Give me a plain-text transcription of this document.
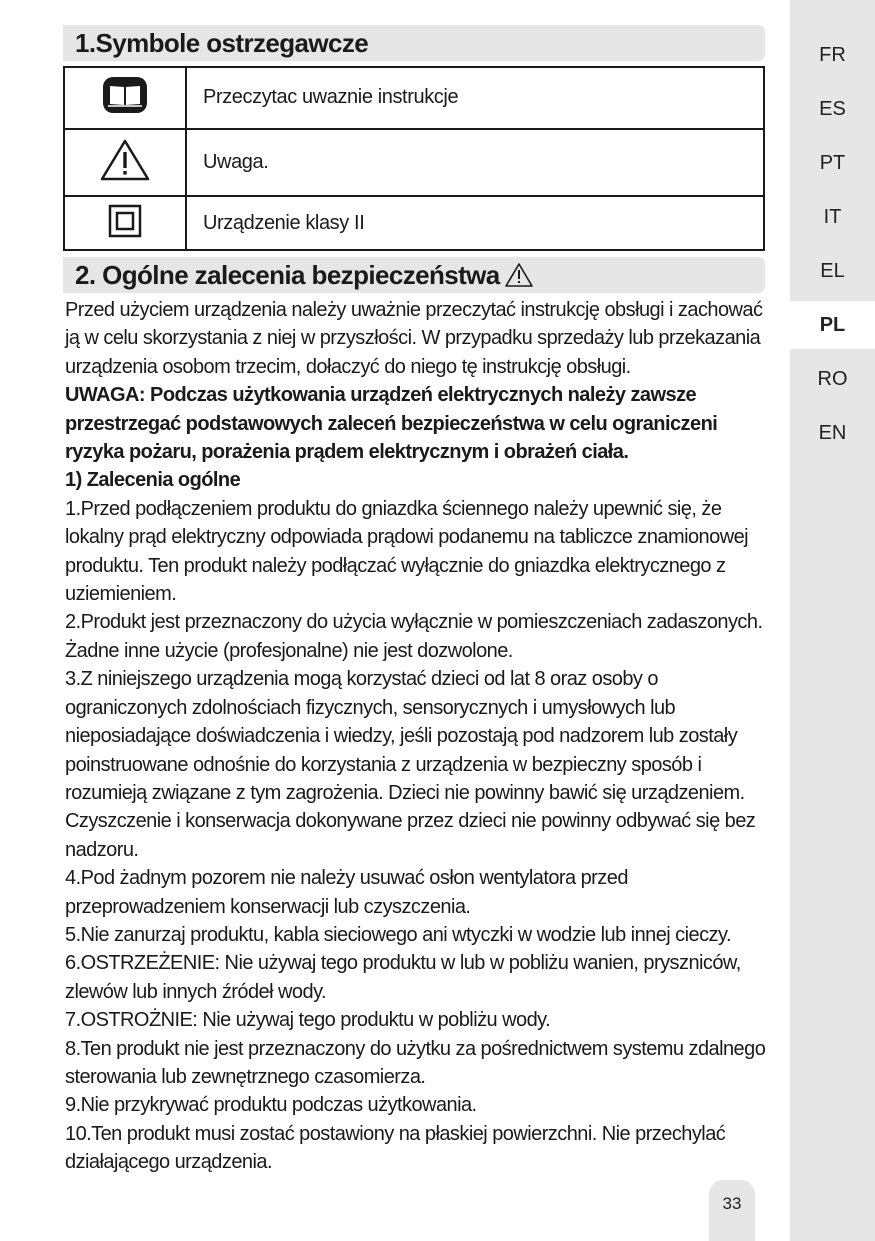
FR
ES
PT
IT
EL
PL
RO
EN
33
1.Symbole ostrzegawcze
	Przeczytac uwaznie instrukcje
	Uwaga.
	Urządzenie klasy II
2. Ogólne zalecenia bezpieczeństwa

Przed użyciem urządzenia należy uważnie przeczytać instrukcję obsługi i zachować ją w celu skorzystania z niej w przyszłości. W przypadku sprzedaży lub przekazania urządzenia osobom trzecim, dołaczyć do niego tę instrukcję obsługi.

UWAGA: Podczas użytkowania urządzeń elektrycznych należy zawsze przestrzegać podstawowych zaleceń bezpieczeństwa w celu ograniczeni ryzyka pożaru, porażenia prądem elektrycznym i obrażeń ciała.

1) Zalecenia ogólne

1.Przed podłączeniem produktu do gniazdka ściennego należy upewnić się, że lokalny prąd elektryczny odpowiada prądowi podanemu na tabliczce znamionowej produktu. Ten produkt należy podłączać wyłącznie do gniazdka elektrycznego z uziemieniem.

2.Produkt jest przeznaczony do użycia wyłącznie w pomieszczeniach zadaszonych. Żadne inne użycie (profesjonalne) nie jest dozwolone.

3.Z niniejszego urządzenia mogą korzystać dzieci od lat 8 oraz osoby o ograniczonych zdolnościach fizycznych, sensorycznych i umysłowych lub nieposiadające doświadczenia i wiedzy, jeśli pozostają pod nadzorem lub zostały poinstruowane odnośnie do korzystania z urządzenia w bezpieczny sposób i rozumieją związane z tym zagrożenia. Dzieci nie powinny bawić się urządzeniem. Czyszczenie i konserwacja dokonywane przez dzieci nie powinny odbywać się bez nadzoru.

4.Pod żadnym pozorem nie należy usuwać osłon wentylatora przed przeprowadzeniem konserwacji lub czyszczenia.

5.Nie zanurzaj produktu, kabla sieciowego ani wtyczki w wodzie lub innej cieczy.

6.OSTRZEŻENIE: Nie używaj tego produktu w lub w pobliżu wanien, pryszniców, zlewów lub innych źródeł wody.

7.OSTROŻNIE: Nie używaj tego produktu w pobliżu wody.

8.Ten produkt nie jest przeznaczony do użytku za pośrednictwem systemu zdalnego sterowania lub zewnętrznego czasomierza.

9.Nie przykrywać produktu podczas użytkowania.

10.Ten produkt musi zostać postawiony na płaskiej powierzchni. Nie przechylać działającego urządzenia.
